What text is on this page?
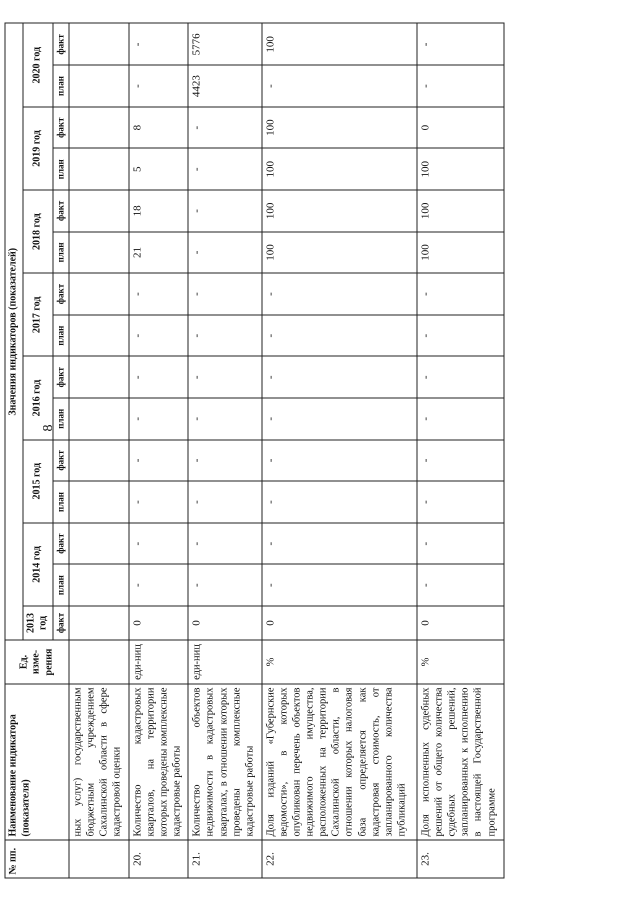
8
№ пп.	Наименование индикатора (показателя)	Ед. изме-рения	Значения индикаторов (показателей)														
			2013 год	2014 год		2015 год		2016 год		2017 год		2018 год		2019 год		2020 год	
			факт	план	факт	план	факт	план	факт	план	факт	план	факт	план	факт	план	факт
	ных услуг) государственным бюджетным учреждением Сахалинской области в сфере кадастровой оценки																
20.	Количество кадастровых кварталов, на территории которых проведены комплексные кадастровые работы	еди-ниц	0	-	-	-	-	-	-	-	-	21	18	5	8	-	-
21.	Количество объектов недвижимости в кадастровых кварталах, в отношении которых проведены комплексные кадастровые работы	еди-ниц	0	-	-	-	-	-	-	-	-	-	-	-	-	4423	5776
22.	Доля изданий «Губернские ведомости», в которых опубликован перечень объектов недвижимого имущества, расположенных на территории Сахалинской области, в отношении которых налоговая база определяется как кадастровая стоимость, от запланированного количества публикаций	%	0	-	-	-	-	-	-	-	-	100	100	100	100	-	100
23.	Доля исполненных судебных решений от общего количества судебных решений, запланированных к исполнению в настоящей Государственной программе	%	0	-	-	-	-	-	-	-	-	100	100	100	0	-	-
